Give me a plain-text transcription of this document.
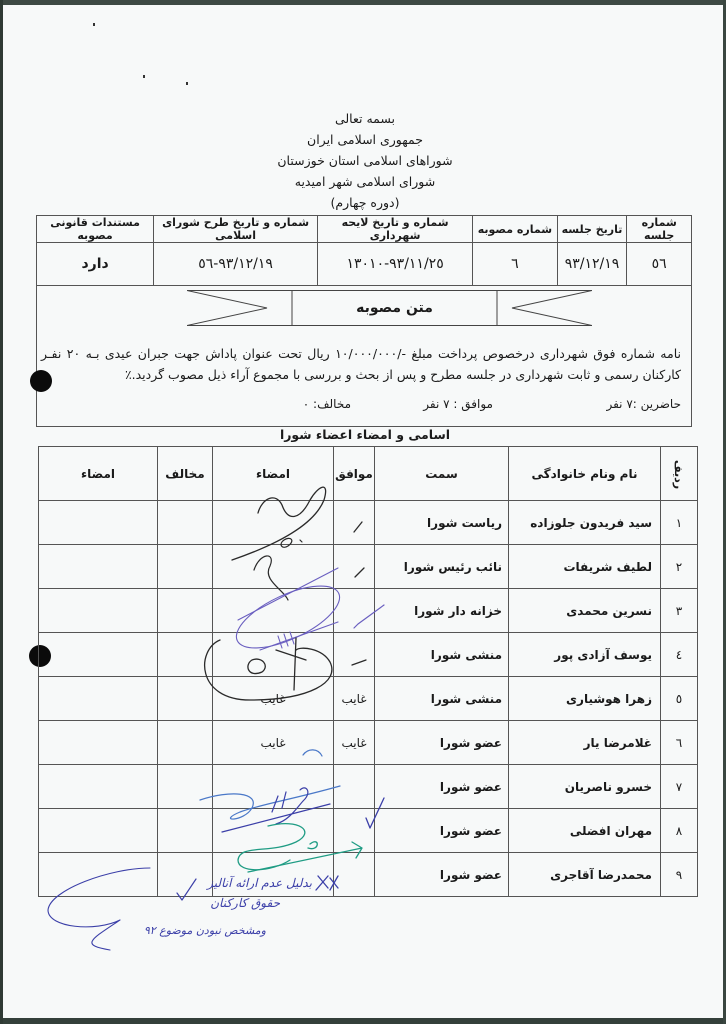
بسمه تعالی
جمهوری اسلامی ایران
شوراهای اسلامی استان خوزستان
شورای اسلامی شهر امیدیه
(دوره چهارم)
شماره جلسه	تاریخ جلسه	شماره مصوبه	شماره و تاریخ لایحه شهرداری	شماره و تاریخ طرح شورای اسلامی	مستندات قانونی مصوبه
٥٦	٩٣/١٢/١٩	٦	٩٣/١١/٢٥-١٣٠١٠	٩٣/١٢/١٩-٥٦	دارد
متن مصوبه
نامه شماره فوق شهرداری درخصوص پرداخت مبلغ -/١٠/٠٠٠/٠٠٠ ریال تحت عنوان پاداش جهت جبران عیدی بـه ٢٠ نفـر کارکنان رسمی و ثابت شهرداری در جلسه مطرح و پس از بحث و بررسی با مجموع آراء ذیل مصوب گردید.٪
حاضرین :٧ نفر
موافق : ٧ نفر
مخالف: ٠
اسامی و امضاء اعضاء شورا
ردیف	نام ونام خانوادگی	سمت	موافق	امضاء	مخالف	امضاء
١	سید فریدون جلوزاده	ریاست شورا				
٢	لطیف شریفات	نائب رئیس شورا				
٣	نسرین محمدی	خزانه دار شورا				
٤	یوسف آزادی پور	منشی شورا				
٥	زهرا هوشیاری	منشی شورا	غایب	غایب		
٦	غلامرضا یار	عضو شورا	غایب	غایب		
٧	خسرو ناصریان	عضو شورا				
٨	مهران افضلی	عضو شورا				
٩	محمدرضا آقاجری	عضو شورا				
بدلیل عدم ارائه آنالیز
حقوق کارکنان
ومشخص نبودن موضوع ۹۲
